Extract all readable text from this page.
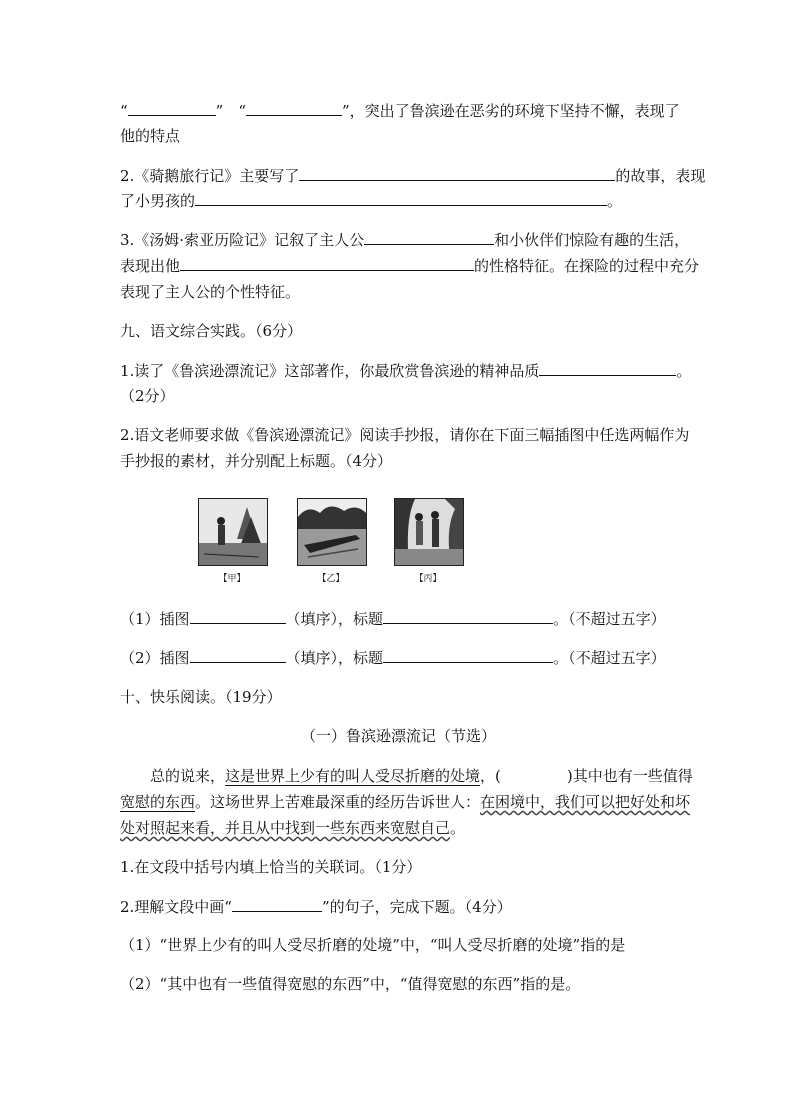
“	”　“	”，突出了鲁滨逊在恶劣的环境下坚持不懈，表现了
他的特点
2.《骑鹅旅行记》主要写了	的故事，表现
了小男孩的	。
3.《汤姆·索亚历险记》记叙了主人公	和小伙伴们惊险有趣的生活，
表现出他	的性格特征。在探险的过程中充分
表现了主人公的个性特征。
九、语文综合实践。（6分）
1.读了《鲁滨逊漂流记》这部著作，你最欣赏鲁滨逊的精神品质	。
（2分）
2.语文老师要求做《鲁滨逊漂流记》阅读手抄报，请你在下面三幅插图中任选两幅作为
手抄报的素材，并分别配上标题。（4分）
【甲】	【乙】	【丙】
（1）插图	（填序），标题	。（不超过五字）
（2）插图	（填序），标题	。（不超过五字）
十、快乐阅读。（19分）
（一）鲁滨逊漂流记（节选）
总的说来，这是世界上少有的叫人受尽折磨的处境，(	)其中也有一些值得
宽慰的东西。这场世界上苦难最深重的经历告诉世人：在困境中，我们可以把好处和坏
处对照起来看，并且从中找到一些东西来宽慰自己。
1.在文段中括号内填上恰当的关联词。（1分）
2.理解文段中画“	”的句子，完成下题。（4分）
（1）“世界上少有的叫人受尽折磨的处境”中，“叫人受尽折磨的处境”指的是
（2）“其中也有一些值得宽慰的东西”中，“值得宽慰的东西”指的是。
